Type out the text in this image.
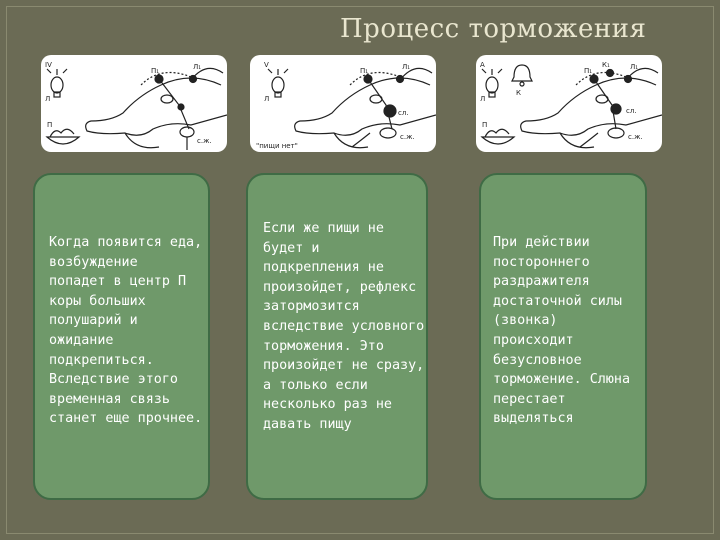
Процесс торможения
IV
Л
П
П₁	Л₁
с.ж.
V
Л
П₁	Л₁
сл.
с.ж.
"пищи нет"
А
Л
К
П
П₁
К₁	Л₁
сл.
с.ж.
Когда появится еда,
возбуждение
попадет в центр П
коры больших
полушарий и
ожидание
подкрепиться.
Вследствие этого
временная связь
станет еще прочнее.
Если же пищи не
будет и
подкрепления не
произойдет, рефлекс
затормозится
вследствие условного
торможения. Это
произойдет не сразу,
а только если
несколько раз не
давать пищу
При действии
постороннего
раздражителя
достаточной силы
(звонка)
происходит
безусловное
торможение. Слюна
перестает
выделяться
